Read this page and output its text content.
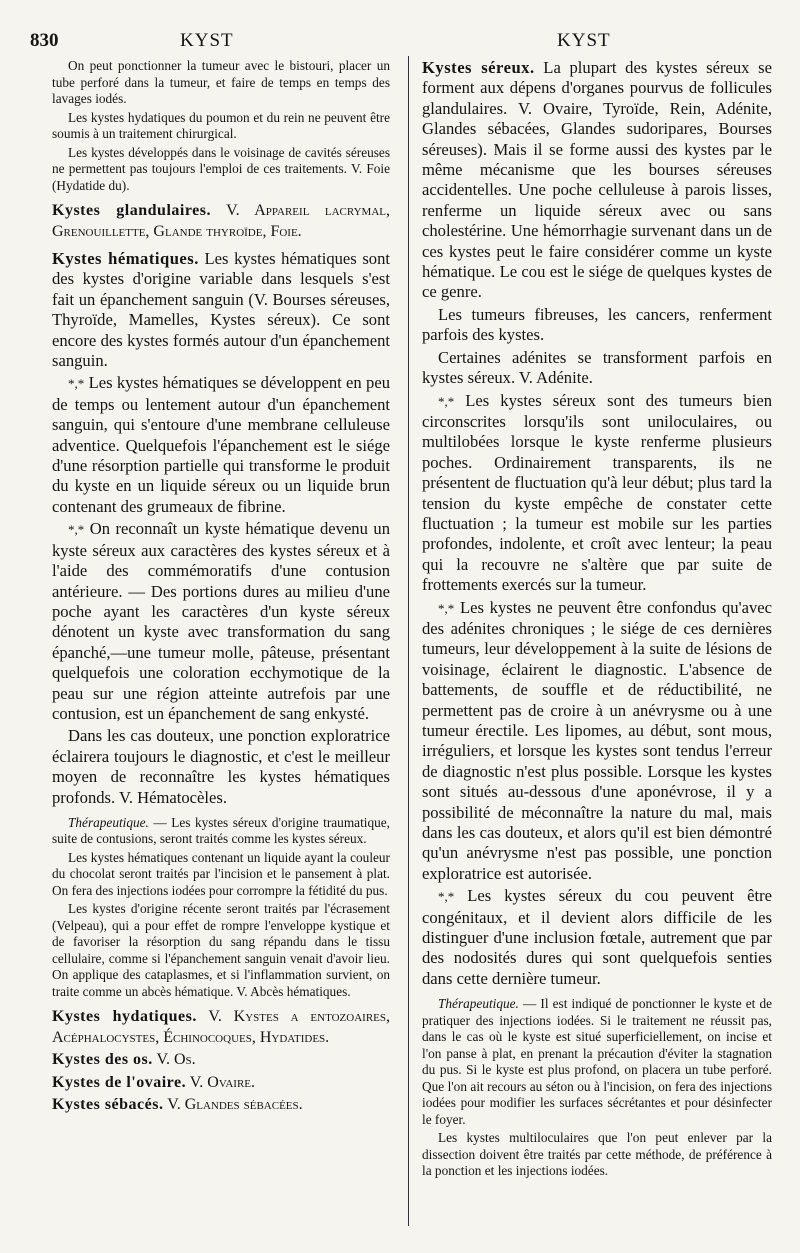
830	KYST	KYST

On peut ponctionner la tumeur avec le bistouri, placer un tube perforé dans la tumeur, et faire de temps en temps des lavages iodés.

Les kystes hydatiques du poumon et du rein ne peuvent être soumis à un traitement chirurgical.

Les kystes développés dans le voisinage de cavités séreuses ne permettent pas toujours l'emploi de ces traitements. V. Foie (Hydatide du).

Kystes glandulaires. V. Appareil lacrymal, Grenouillette, Glande thyroïde, Foie.

Kystes hématiques. Les kystes hématiques sont des kystes d'origine variable dans lesquels s'est fait un épanchement sanguin (V. Bourses séreuses, Thyroïde, Mamelles, Kystes séreux). Ce sont encore des kystes formés autour d'un épanchement sanguin.

*,* Les kystes hématiques se développent en peu de temps ou lentement autour d'un épanchement sanguin, qui s'entoure d'une membrane celluleuse adventice. Quelquefois l'épanchement est le siége d'une résorption partielle qui transforme le produit du kyste en un liquide séreux ou un liquide brun contenant des grumeaux de fibrine.

*,* On reconnaît un kyste hématique devenu un kyste séreux aux caractères des kystes séreux et à l'aide des commémoratifs d'une contusion antérieure. — Des portions dures au milieu d'une poche ayant les caractères d'un kyste séreux dénotent un kyste avec transformation du sang épanché,—une tumeur molle, pâteuse, présentant quelquefois une coloration ecchymotique de la peau sur une région atteinte autrefois par une contusion, est un épanchement de sang enkysté.

Dans les cas douteux, une ponction exploratrice éclairera toujours le diagnostic, et c'est le meilleur moyen de reconnaître les kystes hématiques profonds. V. Hématocèles.

Thérapeutique. — Les kystes séreux d'origine traumatique, suite de contusions, seront traités comme les kystes séreux.

Les kystes hématiques contenant un liquide ayant la couleur du chocolat seront traités par l'incision et le pansement à plat. On fera des injections iodées pour corrompre la fétidité du pus.

Les kystes d'origine récente seront traités par l'écrasement (Velpeau), qui a pour effet de rompre l'enveloppe kystique et de favoriser la résorption du sang répandu dans le tissu cellulaire, comme si l'épanchement sanguin venait d'avoir lieu. On applique des cataplasmes, et si l'inflammation survient, on traite comme un abcès hématique. V. Abcès hématiques.

Kystes hydatiques. V. Kystes a entozoaires, Acéphalocystes, Échinocoques, Hydatides.

Kystes des os. V. Os.

Kystes de l'ovaire. V. Ovaire.

Kystes sébacés. V. Glandes sébacées.

Kystes séreux. La plupart des kystes séreux se forment aux dépens d'organes pourvus de follicules glandulaires. V. Ovaire, Tyroïde, Rein, Adénite, Glandes sébacées, Glandes sudoripares, Bourses séreuses). Mais il se forme aussi des kystes par le même mécanisme que les bourses séreuses accidentelles. Une poche celluleuse à parois lisses, renferme un liquide séreux avec ou sans cholestérine. Une hémorrhagie survenant dans un de ces kystes peut le faire considérer comme un kyste hématique. Le cou est le siége de quelques kystes de ce genre.

Les tumeurs fibreuses, les cancers, renferment parfois des kystes.

Certaines adénites se transforment parfois en kystes séreux. V. Adénite.

*,* Les kystes séreux sont des tumeurs bien circonscrites lorsqu'ils sont uniloculaires, ou multilobées lorsque le kyste renferme plusieurs poches. Ordinairement transparents, ils ne présentent de fluctuation qu'à leur début; plus tard la tension du kyste empêche de constater cette fluctuation ; la tumeur est mobile sur les parties profondes, indolente, et croît avec lenteur; la peau qui la recouvre ne s'altère que par suite de frottements exercés sur la tumeur.

*,* Les kystes ne peuvent être confondus qu'avec des adénites chroniques ; le siége de ces dernières tumeurs, leur développement à la suite de lésions de voisinage, éclairent le diagnostic. L'absence de battements, de souffle et de réductibilité, ne permettent pas de croire à un anévrysme ou à une tumeur érectile. Les lipomes, au début, sont mous, irréguliers, et lorsque les kystes sont tendus l'erreur de diagnostic n'est plus possible. Lorsque les kystes sont situés au-dessous d'une aponévrose, il y a possibilité de méconnaître la nature du mal, mais dans les cas douteux, et alors qu'il est bien démontré qu'un anévrysme n'est pas possible, une ponction exploratrice est autorisée.

*,* Les kystes séreux du cou peuvent être congénitaux, et il devient alors difficile de les distinguer d'une inclusion fœtale, autrement que par des nodosités dures qui sont quelquefois senties dans cette dernière tumeur.

Thérapeutique. — Il est indiqué de ponctionner le kyste et de pratiquer des injections iodées. Si le traitement ne réussit pas, dans le cas où le kyste est situé superficiellement, on incise et l'on panse à plat, en prenant la précaution d'éviter la stagnation du pus. Si le kyste est plus profond, on placera un tube perforé. Que l'on ait recours au séton ou à l'incision, on fera des injections iodées pour modifier les surfaces sécrétantes et pour désinfecter le foyer.

Les kystes multiloculaires que l'on peut enlever par la dissection doivent être traités par cette méthode, de préférence à la ponction et les injections iodées.
